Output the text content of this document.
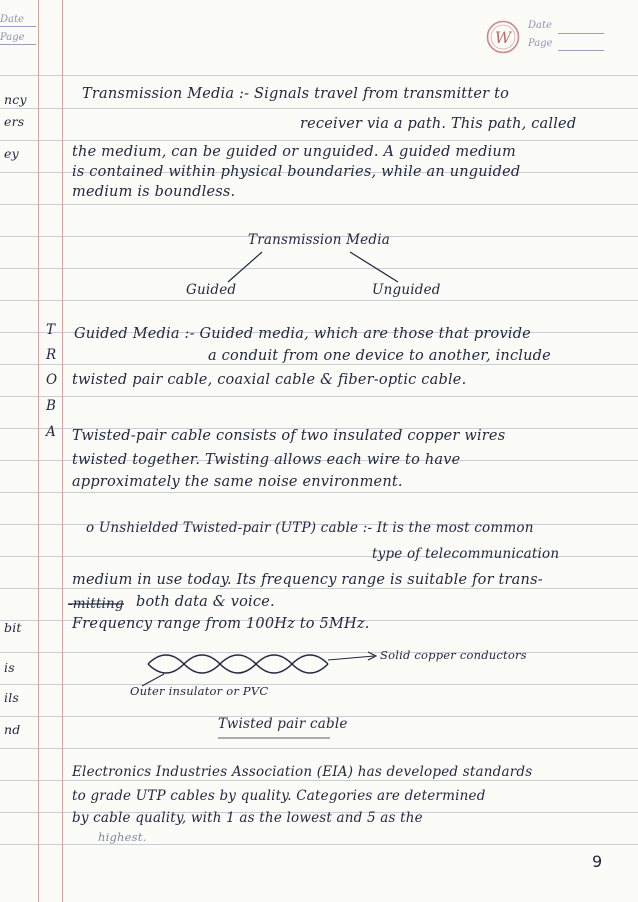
Date
Page	W
Date
Page
ncy
ers
ey
bit
is
ils
nd
T
R
O
B
A
Transmission Media :- Signals travel from transmitter to
receiver via a path. This path, called
the medium, can be guided or unguided. A guided medium
is contained within physical boundaries, while an unguided
medium is boundless.
Transmission Media
Guided	Unguided
Guided Media :- Guided media, which are those that provide
a conduit from one device to another, include
twisted pair cable, coaxial cable & fiber-optic cable.
Twisted-pair cable consists of two insulated copper wires
twisted together. Twisting allows each wire to have
approximately the same noise environment.
o Unshielded Twisted-pair (UTP) cable :- It is the most common
type of telecommunication
medium in use today. Its frequency range is suitable for trans-
-mitting both data & voice.
Frequency range from 100Hz to 5MHz.
Solid copper conductors
Outer insulator or PVC
Twisted pair cable
Electronics Industries Association (EIA) has developed standards
to grade UTP cables by quality. Categories are determined
by cable quality, with 1 as the lowest and 5 as the
highest.
9
